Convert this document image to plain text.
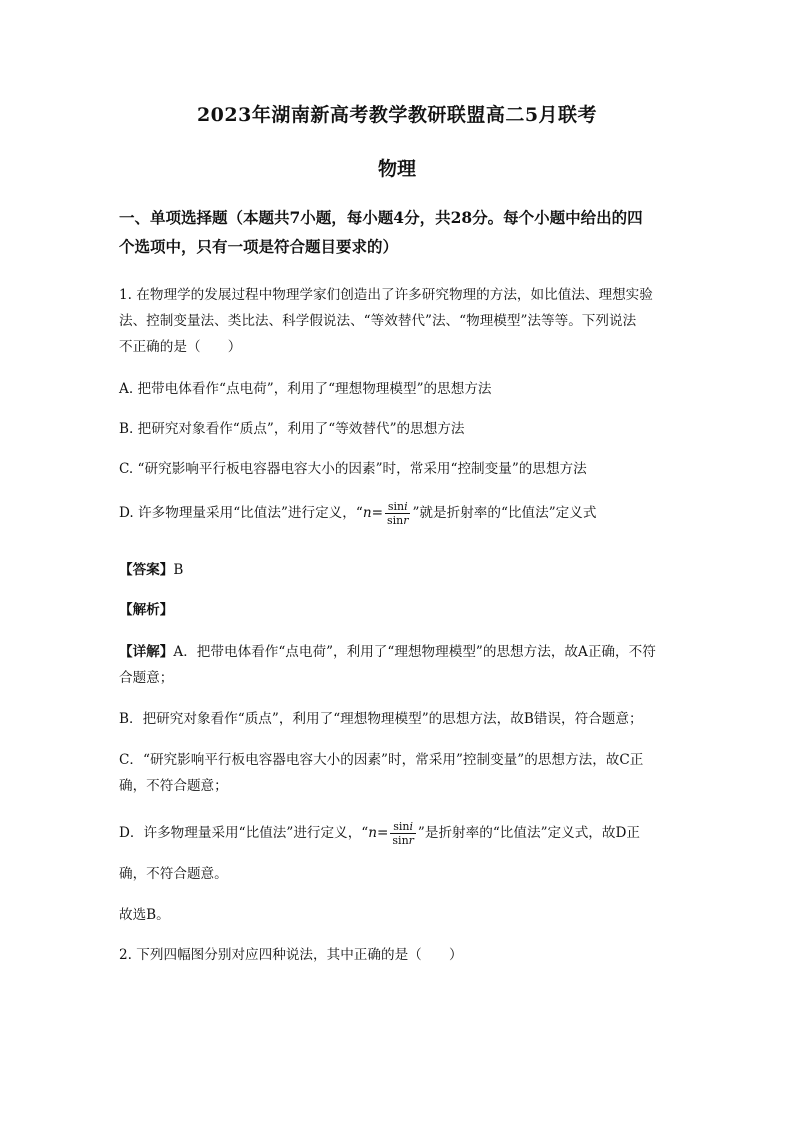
2023年湖南新高考教学教研联盟高二5月联考
物理
一、单项选择题（本题共7小题，每小题4分，共28分。每个小题中给出的四
个选项中，只有一项是符合题目要求的）
1. 在物理学的发展过程中物理学家们创造出了许多研究物理的方法，如比值法、理想实验
法、控制变量法、类比法、科学假说法、“等效替代”法、“物理模型”法等等。下列说法
不正确的是（　　）
A. 把带电体看作“点电荷”，利用了“理想物理模型”的思想方法
B. 把研究对象看作“质点”，利用了“等效替代”的思想方法
C. “研究影响平行板电容器电容大小的因素”时，常采用“控制变量”的思想方法
D. 许多物理量采用“比值法”进行定义，“$n= \frac{\sin i}{\sin r}$ ”就是折射率的“比值法”定义式
【答案】B
【解析】
【详解】A．把带电体看作“点电荷”，利用了“理想物理模型”的思想方法，故A正确，不符
合题意；
B．把研究对象看作“质点”，利用了“理想物理模型”的思想方法，故B错误，符合题意；
C．“研究影响平行板电容器电容大小的因素”时，常采用”控制变量”的思想方法，故C正
确，不符合题意；
D．许多物理量采用“比值法”进行定义，“$n= \frac{\sin i}{\sin r}$ ”是折射率的“比值法”定义式，故D正
确，不符合题意。
故选B。
2. 下列四幅图分别对应四种说法，其中正确的是（　　）
